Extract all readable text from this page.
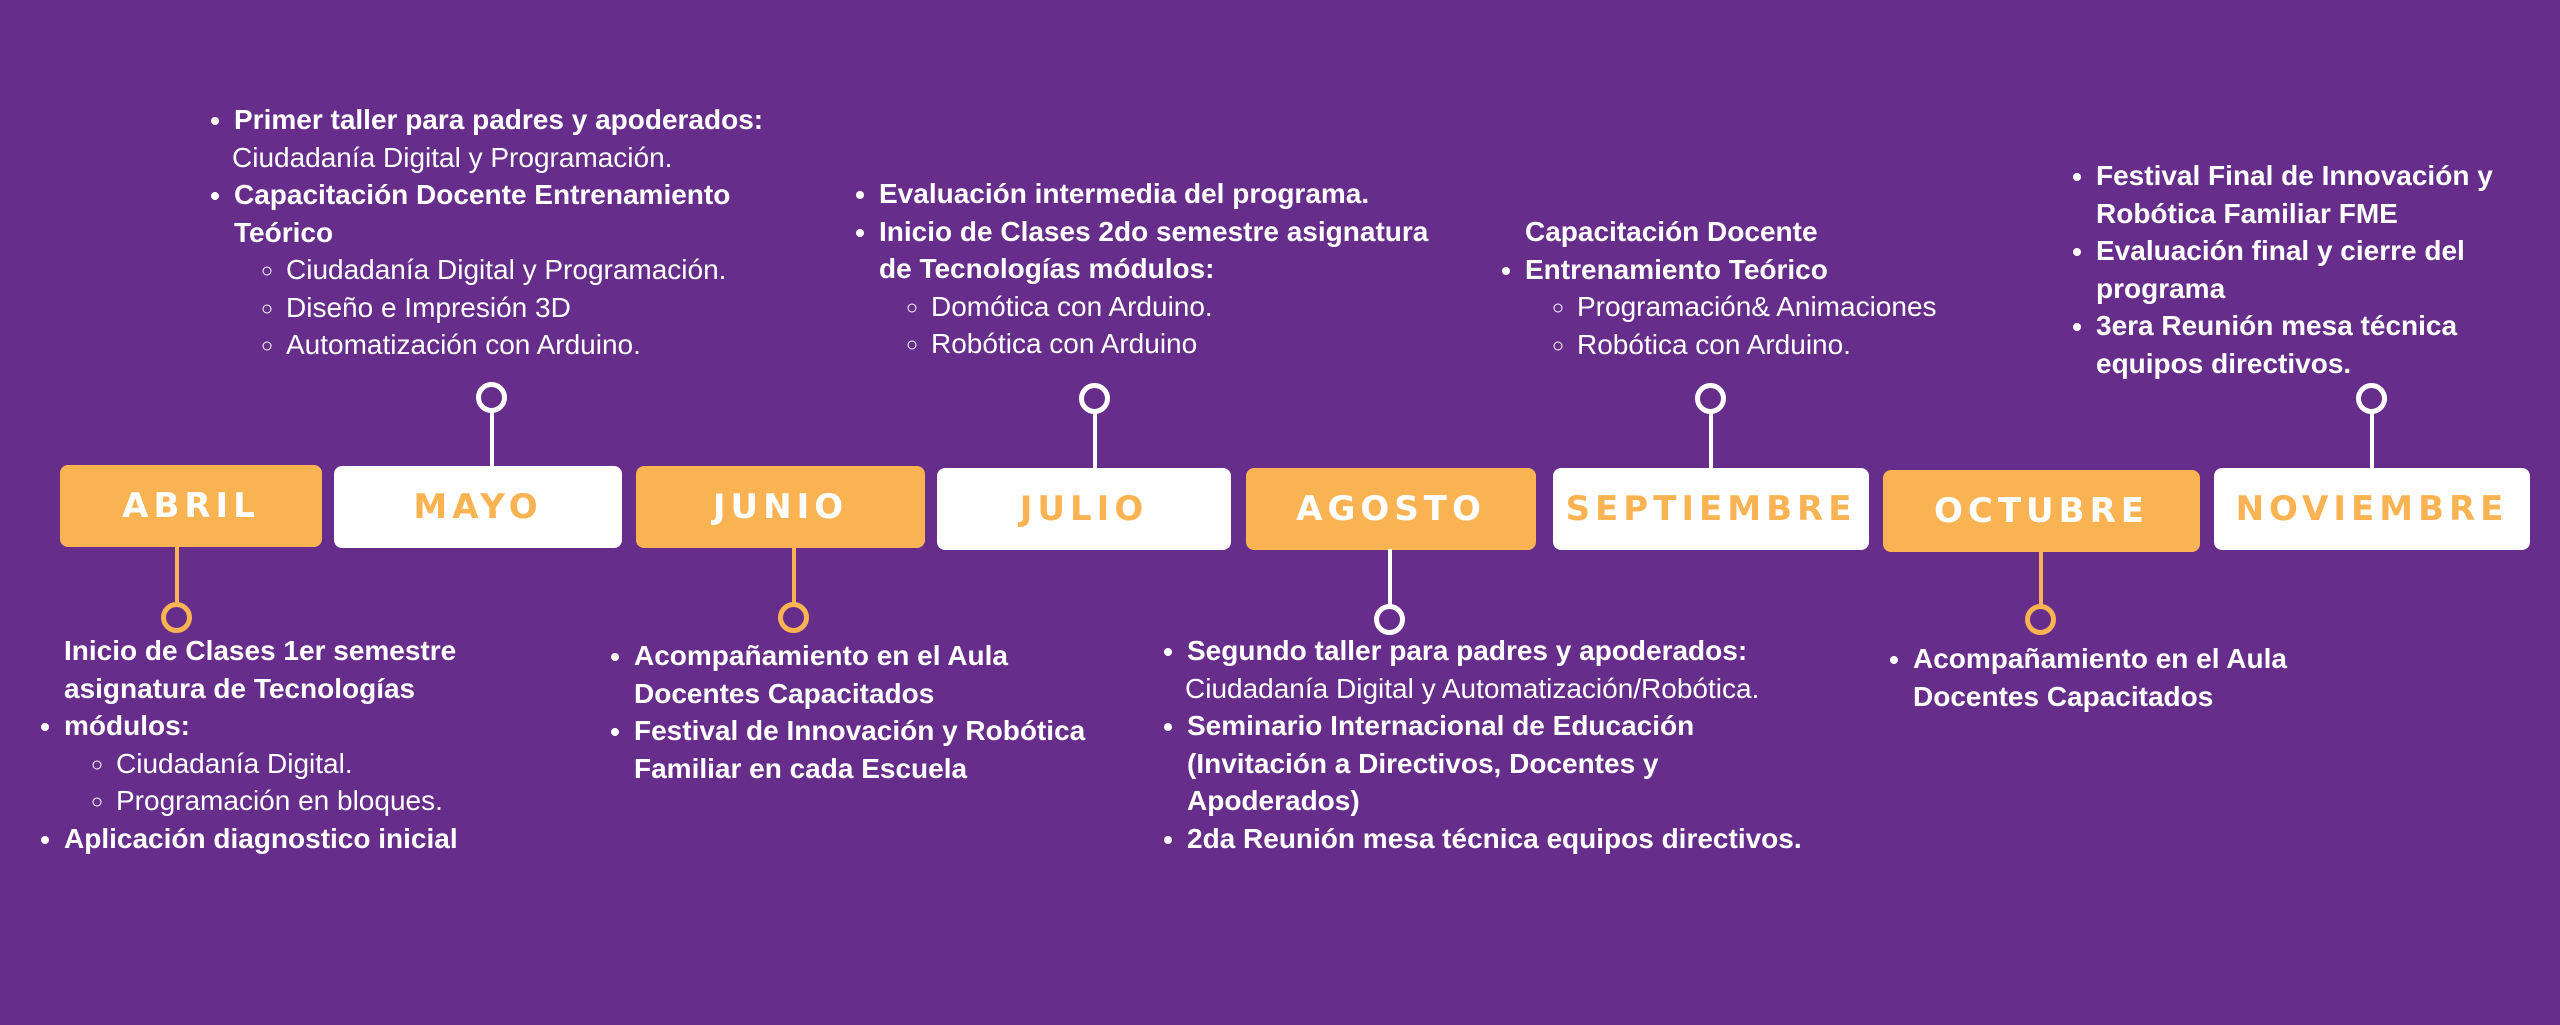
ABRIL	MAYO	JUNIO	JULIO	AGOSTO	SEPTIEMBRE	OCTUBRE	NOVIEMBRE
• Primer taller para padres y apoderados:
Ciudadanía Digital y Programación.
• Capacitación Docente Entrenamiento Teórico
◦ Ciudadanía Digital y Programación.
◦ Diseño e Impresión 3D
◦ Automatización con Arduino.
• Evaluación intermedia del programa.
• Inicio de Clases 2do semestre asignatura de Tecnologías módulos:
◦ Domótica con Arduino.
◦ Robótica con Arduino
• Capacitación Docente Entrenamiento Teórico
◦ Programación& Animaciones
◦ Robótica con Arduino.
• Festival Final de Innovación y Robótica Familiar FME
• Evaluación final y cierre del programa
• 3era Reunión mesa técnica equipos directivos.
• Inicio de Clases 1er semestre asignatura de Tecnologías módulos:
◦ Ciudadanía Digital.
◦ Programación en bloques.
• Aplicación diagnostico inicial
• Acompañamiento en el Aula Docentes Capacitados
• Festival de Innovación y Robótica Familiar en cada Escuela
• Segundo taller para padres y apoderados:
Ciudadanía Digital y Automatización/Robótica.
• Seminario Internacional de Educación (Invitación a Directivos, Docentes y Apoderados)
• 2da Reunión mesa técnica equipos directivos.
• Acompañamiento en el Aula Docentes Capacitados
